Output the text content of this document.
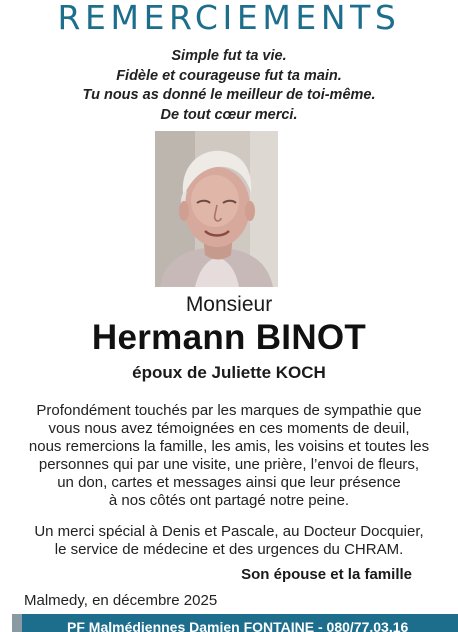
REMERCIEMENTS
Simple fut ta vie.
Fidèle et courageuse fut ta main.
Tu nous as donné le meilleur de toi-même.
De tout cœur merci.
Monsieur
Hermann BINOT
époux de Juliette KOCH
Profondément touchés par les marques de sympathie que
vous nous avez témoignées en ces moments de deuil,
nous remercions la famille, les amis, les voisins et toutes les
personnes qui par une visite, une prière, l’envoi de fleurs,
un don, cartes et messages ainsi que leur présence
à nos côtés ont partagé notre peine.
Un merci spécial à Denis et Pascale, au Docteur Docquier,
le service de médecine et des urgences du CHRAM.
Son épouse et la famille
Malmedy, en décembre 2025
PF Malmédiennes Damien FONTAINE - 080/77.03.16
